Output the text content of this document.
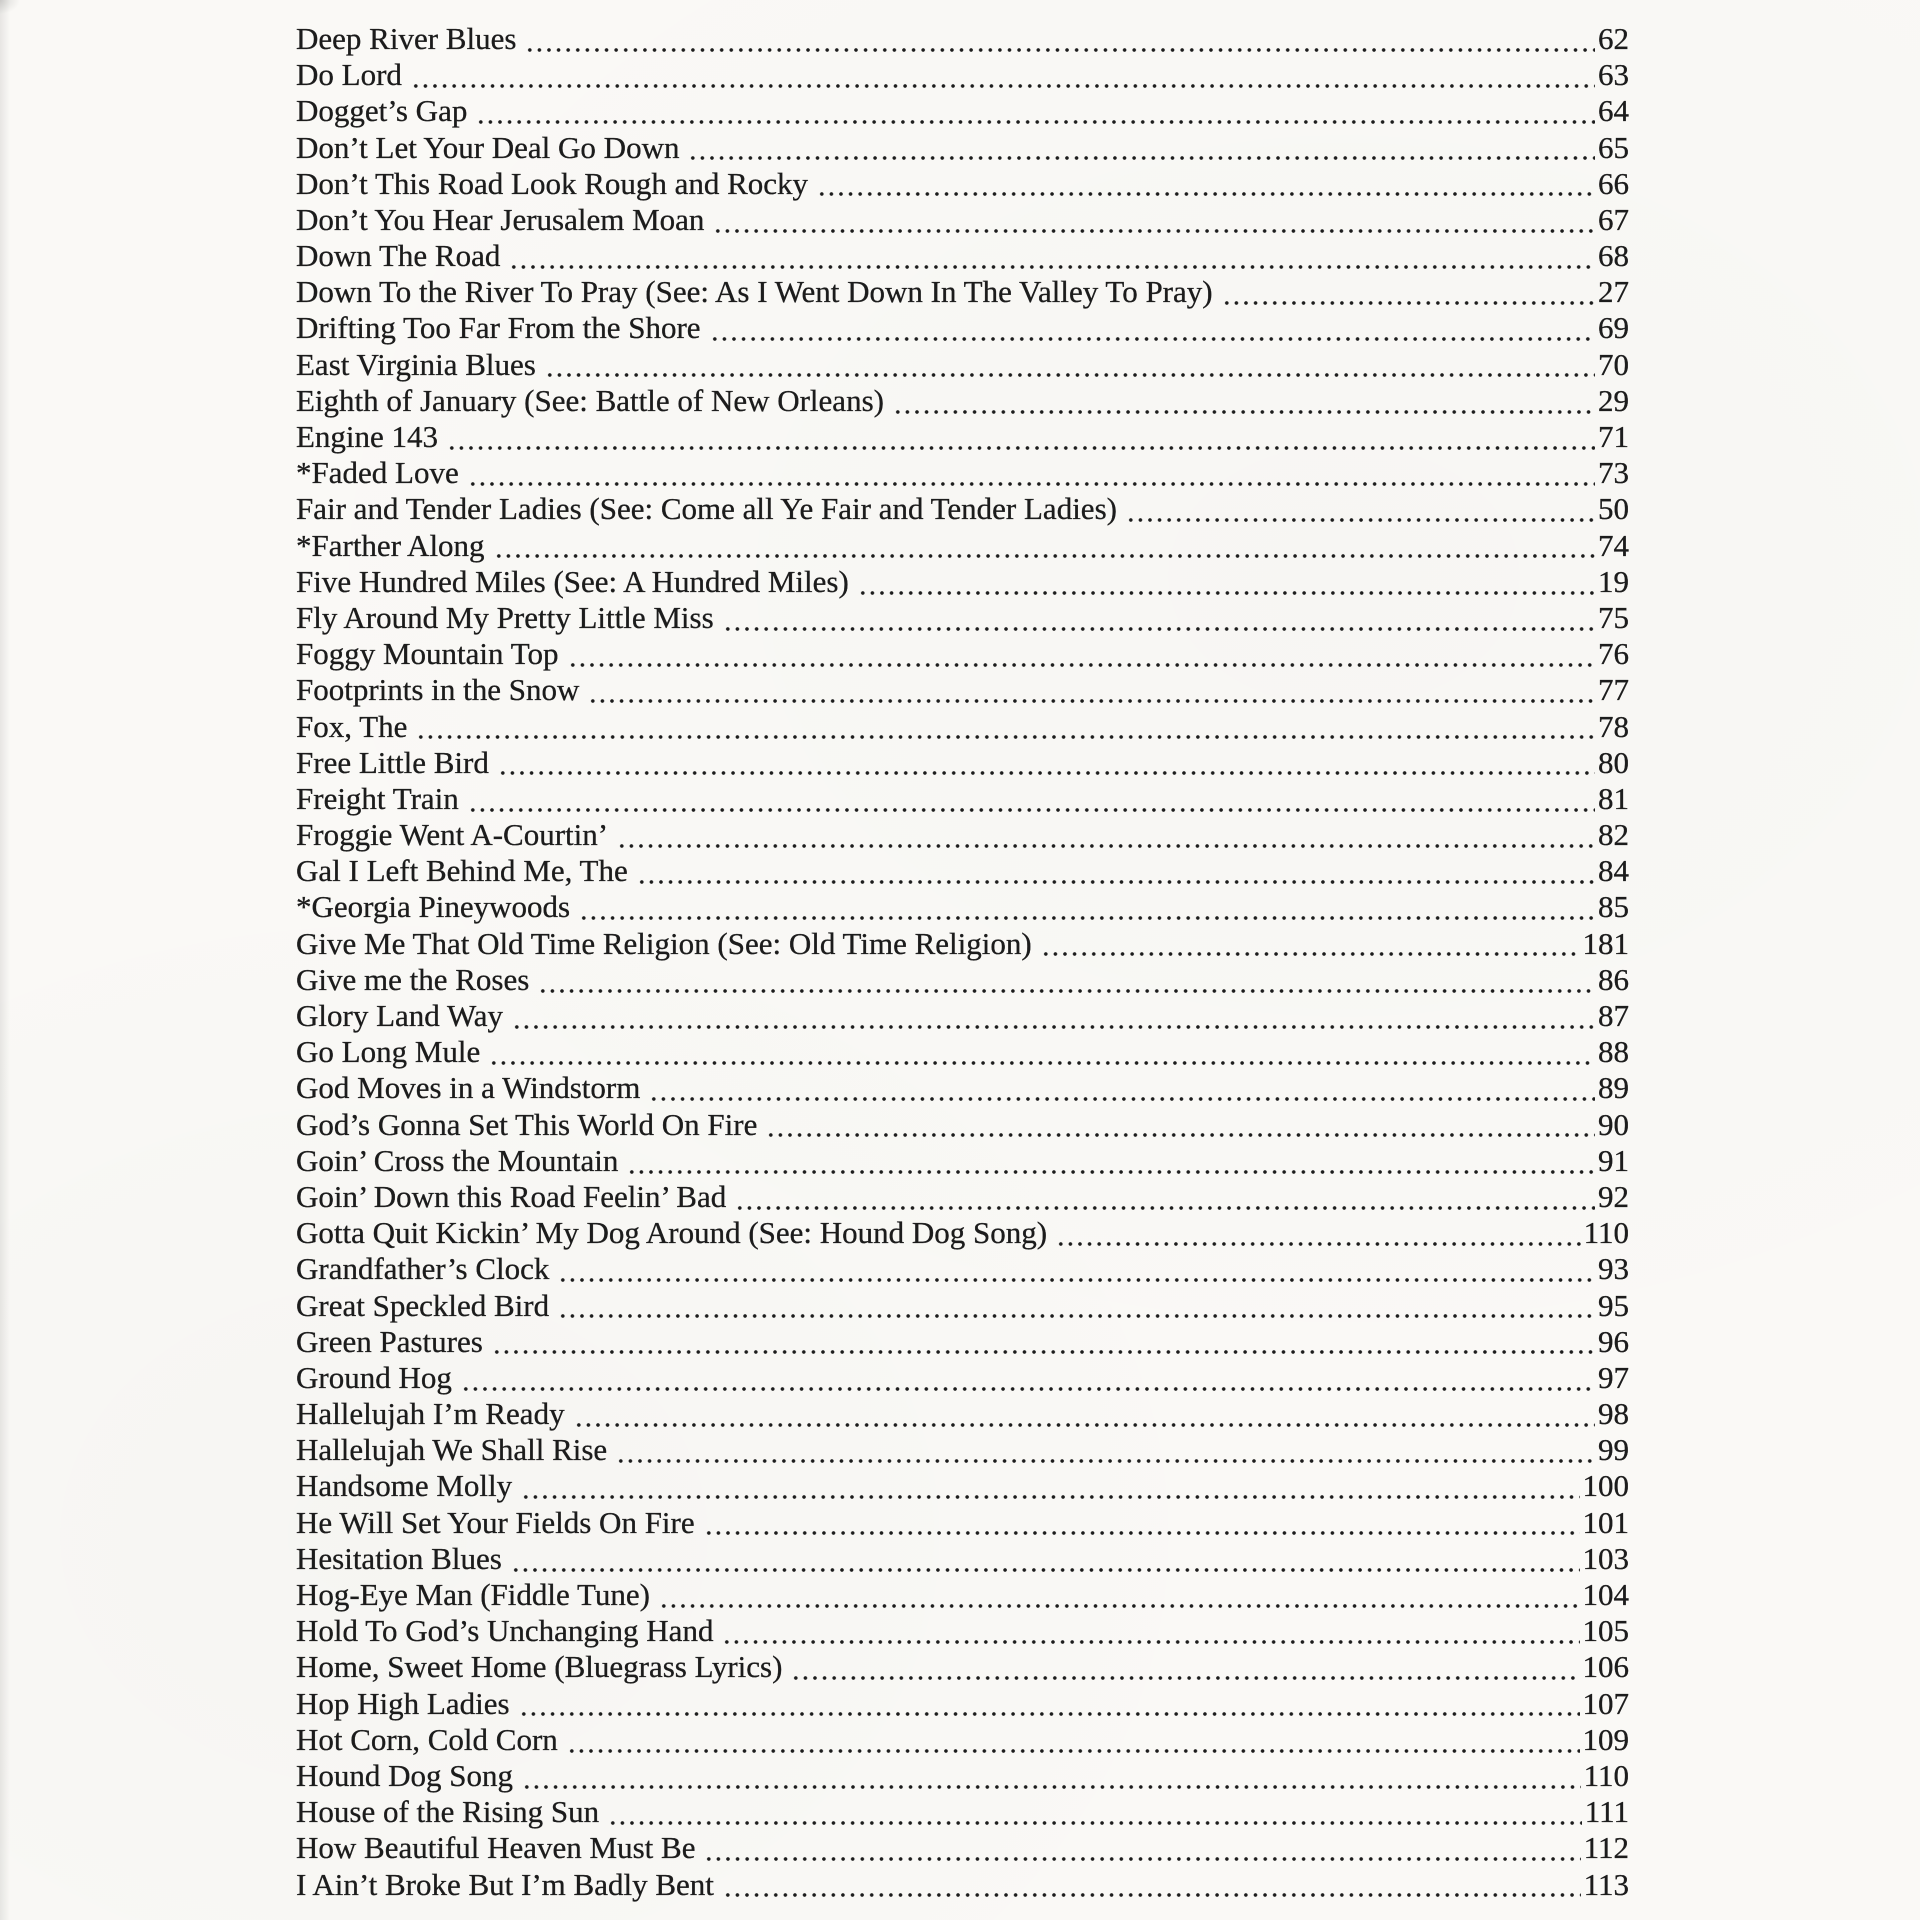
Deep River Blues	62
Do Lord	63
Dogget’s Gap	64
Don’t Let Your Deal Go Down	65
Don’t This Road Look Rough and Rocky	66
Don’t You Hear Jerusalem Moan	67
Down The Road	68
Down To the River To Pray (See: As I Went Down In The Valley To Pray)	27
Drifting Too Far From the Shore	69
East Virginia Blues	70
Eighth of January (See: Battle of New Orleans)	29
Engine 143	71
*Faded Love	73
Fair and Tender Ladies (See: Come all Ye Fair and Tender Ladies)	50
*Farther Along	74
Five Hundred Miles (See: A Hundred Miles)	19
Fly Around My Pretty Little Miss	75
Foggy Mountain Top	76
Footprints in the Snow	77
Fox, The	78
Free Little Bird	80
Freight Train	81
Froggie Went A-Courtin’	82
Gal I Left Behind Me, The	84
*Georgia Pineywoods	85
Give Me That Old Time Religion (See: Old Time Religion)	181
Give me the Roses	86
Glory Land Way	87
Go Long Mule	88
God Moves in a Windstorm	89
God’s Gonna Set This World On Fire	90
Goin’ Cross the Mountain	91
Goin’ Down this Road Feelin’ Bad	92
Gotta Quit Kickin’ My Dog Around (See: Hound Dog Song)	110
Grandfather’s Clock	93
Great Speckled Bird	95
Green Pastures	96
Ground Hog	97
Hallelujah I’m Ready	98
Hallelujah We Shall Rise	99
Handsome Molly	100
He Will Set Your Fields On Fire	101
Hesitation Blues	103
Hog-Eye Man (Fiddle Tune)	104
Hold To God’s Unchanging Hand	105
Home, Sweet Home (Bluegrass Lyrics)	106
Hop High Ladies	107
Hot Corn, Cold Corn	109
Hound Dog Song	110
House of the Rising Sun	111
How Beautiful Heaven Must Be	112
I Ain’t Broke But I’m Badly Bent	113
